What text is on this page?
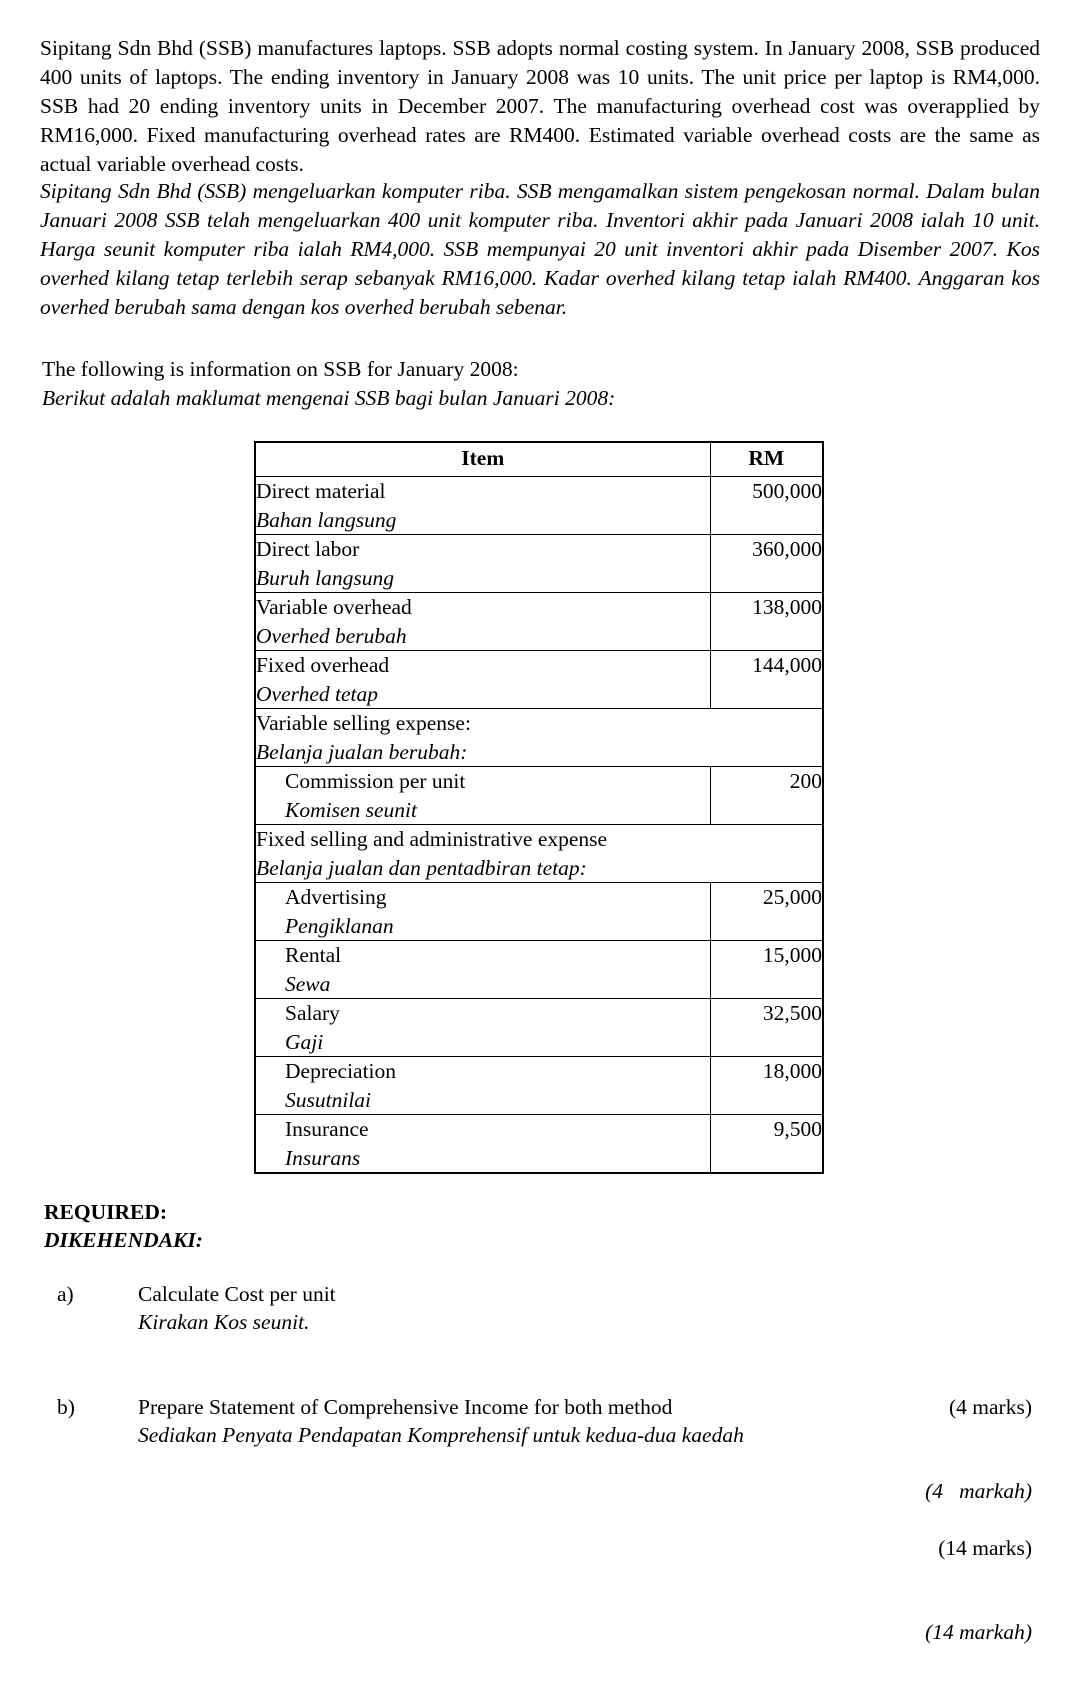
Sipitang Sdn Bhd (SSB) manufactures laptops. SSB adopts normal costing system. In January 2008, SSB produced 400 units of laptops. The ending inventory in January 2008 was 10 units. The unit price per laptop is RM4,000. SSB had 20 ending inventory units in December 2007. The manufacturing overhead cost was overapplied by RM16,000. Fixed manufacturing overhead rates are RM400. Estimated variable overhead costs are the same as actual variable overhead costs.

Sipitang Sdn Bhd (SSB) mengeluarkan komputer riba. SSB mengamalkan sistem pengekosan normal. Dalam bulan Januari 2008 SSB telah mengeluarkan 400 unit komputer riba. Inventori akhir pada Januari 2008 ialah 10 unit. Harga seunit komputer riba ialah RM4,000. SSB mempunyai 20 unit inventori akhir pada Disember 2007. Kos overhed kilang tetap terlebih serap sebanyak RM16,000. Kadar overhed kilang tetap ialah RM400. Anggaran kos overhed berubah sama dengan kos overhed berubah sebenar.

The following is information on SSB for January 2008:
Berikut adalah maklumat mengenai SSB bagi bulan Januari 2008:
Item	RM

Direct material
Bahan langsung	500,000

Direct labor
Buruh langsung	360,000

Variable overhead
Overhed berubah	138,000

Fixed overhead
Overhed tetap	144,000

Variable selling expense:
Belanja jualan berubah:	

Commission per unit
Komisen seunit	200

Fixed selling and administrative expense
Belanja jualan dan pentadbiran tetap:	

Advertising
Pengiklanan	25,000

Rental
Sewa	15,000

Salary
Gaji	32,500

Depreciation
Susutnilai	18,000

Insurance
Insurans	9,500
REQUIRED:
DIKEHENDAKI:
a)	Calculate Cost per unit
Kirakan Kos seunit.

(4 marks)

(4   markah)

b)	Prepare Statement of Comprehensive Income for both method
Sediakan Penyata Pendapatan Komprehensif untuk kedua-dua kaedah

(14 marks)

(14 markah)
